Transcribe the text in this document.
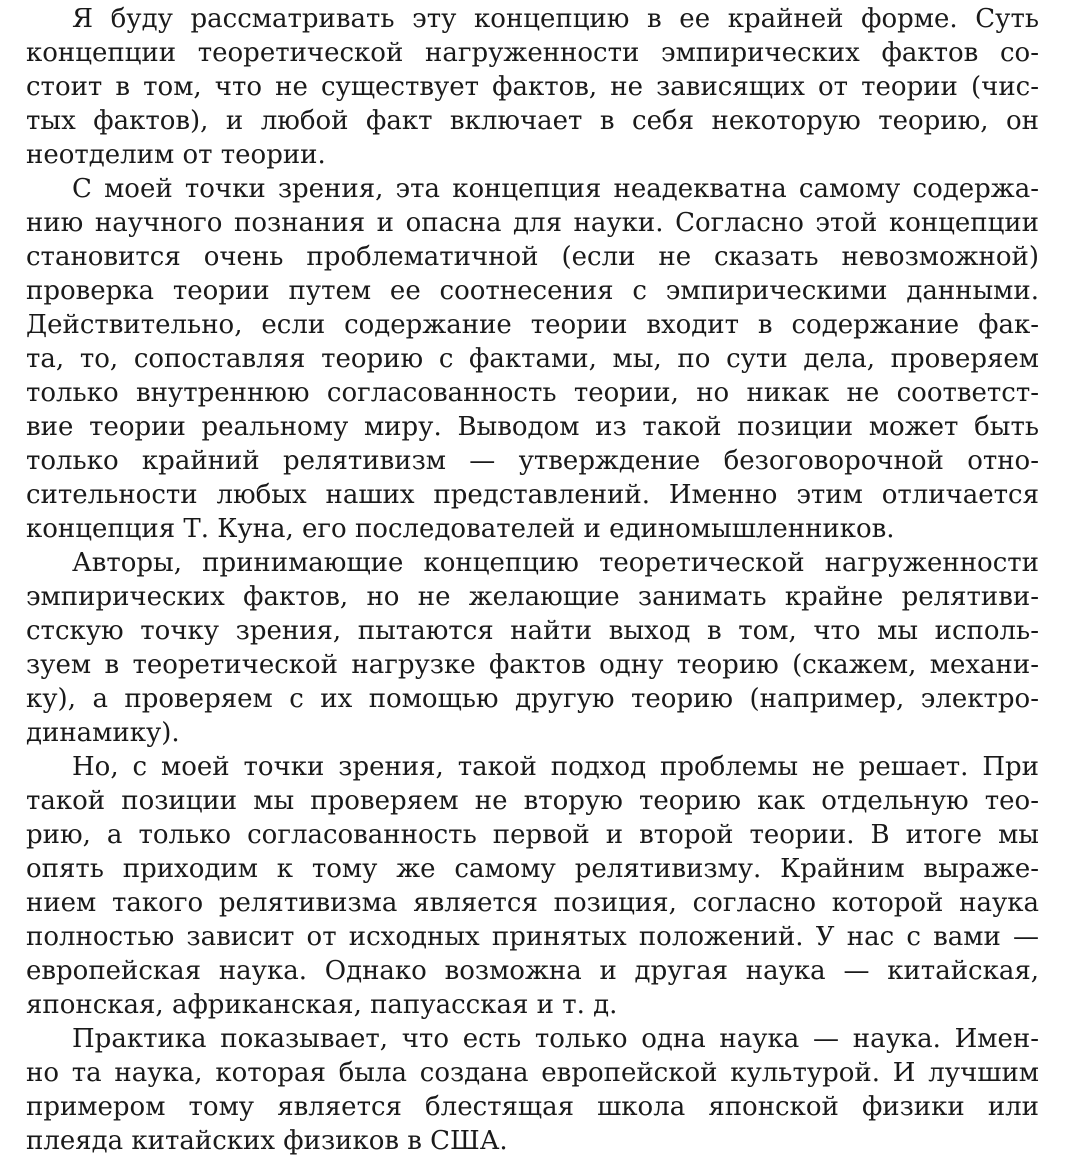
Я буду рассматривать эту концепцию в ее крайней форме. Суть
концепции теоретической нагруженности эмпирических фактов со-
стоит в том, что не существует фактов, не зависящих от теории (чис-
тых фактов), и любой факт включает в себя некоторую теорию, он
неотделим от теории.
С моей точки зрения, эта концепция неадекватна самому содержа-
нию научного познания и опасна для науки. Согласно этой концепции
становится очень проблематичной (если не сказать невозможной)
проверка теории путем ее соотнесения с эмпирическими данными.
Действительно, если содержание теории входит в содержание фак-
та, то, сопоставляя теорию с фактами, мы, по сути дела, проверяем
только внутреннюю согласованность теории, но никак не соответст-
вие теории реальному миру. Выводом из такой позиции может быть
только крайний релятивизм — утверждение безоговорочной отно-
сительности любых наших представлений. Именно этим отличается
концепция Т. Куна, его последователей и единомышленников.
Авторы, принимающие концепцию теоретической нагруженности
эмпирических фактов, но не желающие занимать крайне релятиви-
стскую точку зрения, пытаются найти выход в том, что мы исполь-
зуем в теоретической нагрузке фактов одну теорию (скажем, механи-
ку), а проверяем с их помощью другую теорию (например, электро-
динамику).
Но, с моей точки зрения, такой подход проблемы не решает. При
такой позиции мы проверяем не вторую теорию как отдельную тео-
рию, а только согласованность первой и второй теории. В итоге мы
опять приходим к тому же самому релятивизму. Крайним выраже-
нием такого релятивизма является позиция, согласно которой наука
полностью зависит от исходных принятых положений. У нас с вами —
европейская наука. Однако возможна и другая наука — китайская,
японская, африканская, папуасская и т. д.
Практика показывает, что есть только одна наука — наука. Имен-
но та наука, которая была создана европейской культурой. И лучшим
примером тому является блестящая школа японской физики или
плеяда китайских физиков в США.
